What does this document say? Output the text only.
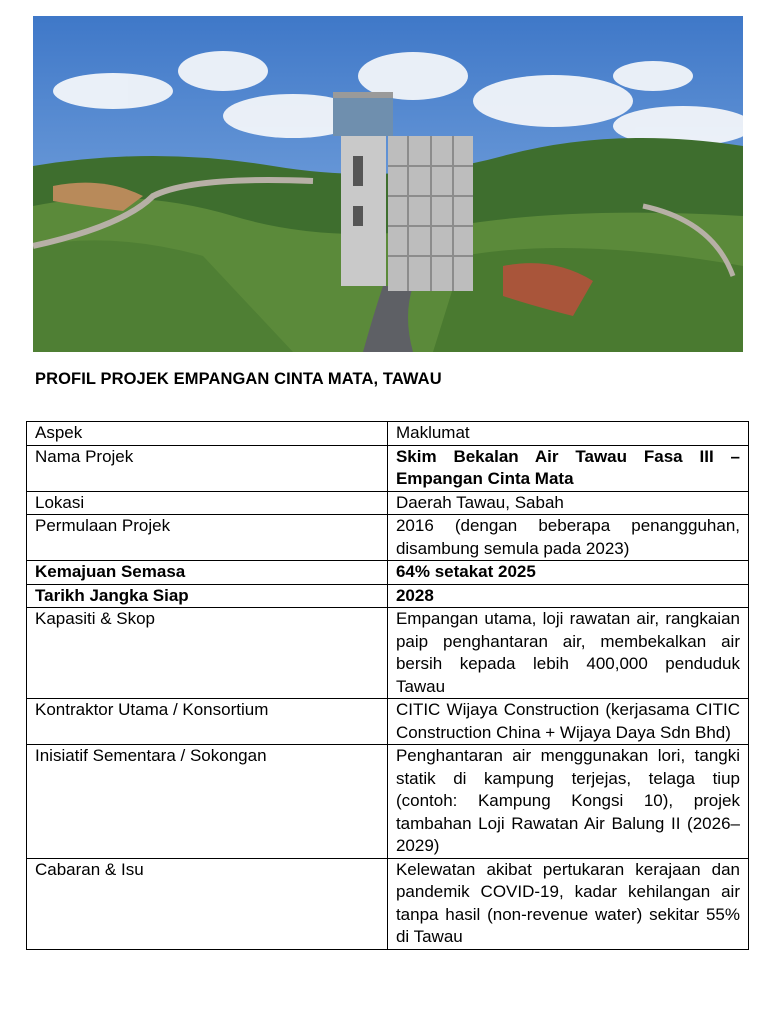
PROFIL PROJEK EMPANGAN CINTA MATA, TAWAU
Aspek	Maklumat
Nama Projek	Skim Bekalan Air Tawau Fasa III – Empangan Cinta Mata
Lokasi	Daerah Tawau, Sabah
Permulaan Projek	2016 (dengan beberapa penangguhan, disambung semula pada 2023)
Kemajuan Semasa	64% setakat 2025
Tarikh Jangka Siap	2028
Kapasiti & Skop	Empangan utama, loji rawatan air, rangkaian paip penghantaran air, membekalkan air bersih kepada lebih 400,000 penduduk Tawau
Kontraktor Utama / Konsortium	CITIC Wijaya Construction (kerjasama CITIC Construction China + Wijaya Daya Sdn Bhd)
Inisiatif Sementara / Sokongan	Penghantaran air menggunakan lori, tangki statik di kampung terjejas, telaga tiup (contoh: Kampung Kongsi 10), projek tambahan Loji Rawatan Air Balung II (2026–2029)
Cabaran & Isu	Kelewatan akibat pertukaran kerajaan dan pandemik COVID-19, kadar kehilangan air tanpa hasil (non-revenue water) sekitar 55% di Tawau
